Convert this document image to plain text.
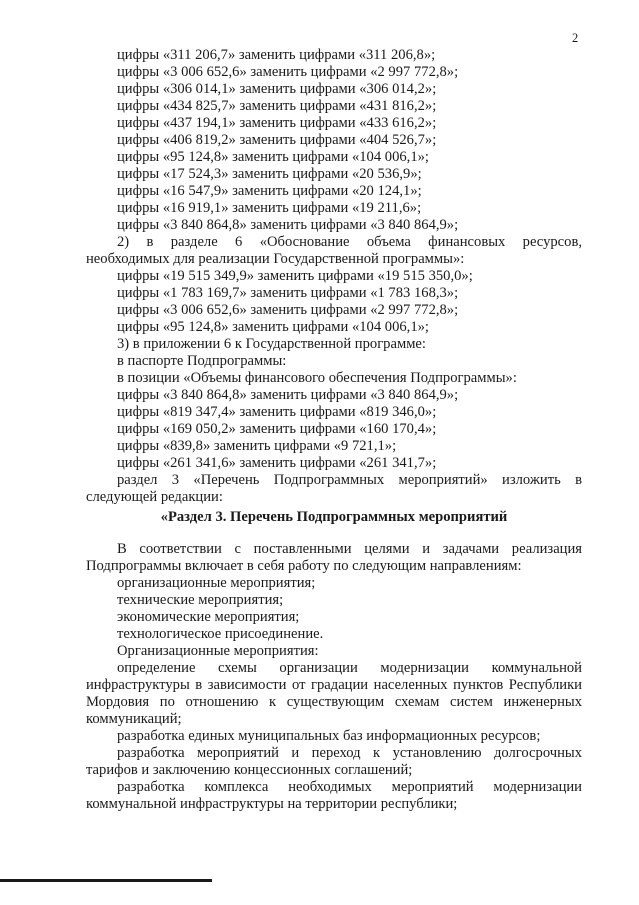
2
цифры «311 206,7» заменить цифрами «311 206,8»;
цифры «3 006 652,6» заменить цифрами «2 997 772,8»;
цифры «306 014,1» заменить цифрами «306 014,2»;
цифры «434 825,7» заменить цифрами «431 816,2»;
цифры «437 194,1» заменить цифрами «433 616,2»;
цифры «406 819,2» заменить цифрами «404 526,7»;
цифры «95 124,8» заменить цифрами «104 006,1»;
цифры «17 524,3» заменить цифрами «20 536,9»;
цифры «16 547,9» заменить цифрами «20 124,1»;
цифры «16 919,1» заменить цифрами «19 211,6»;
цифры «3 840 864,8» заменить цифрами «3 840 864,9»;
2) в разделе 6 «Обоснование объема финансовых ресурсов,
необходимых для реализации Государственной программы»:
цифры «19 515 349,9» заменить цифрами «19 515 350,0»;
цифры «1 783 169,7» заменить цифрами «1 783 168,3»;
цифры «3 006 652,6» заменить цифрами «2 997 772,8»;
цифры «95 124,8» заменить цифрами «104 006,1»;
3) в приложении 6 к Государственной программе:
в паспорте Подпрограммы:
в позиции «Объемы финансового обеспечения Подпрограммы»:
цифры «3 840 864,8» заменить цифрами «3 840 864,9»;
цифры «819 347,4» заменить цифрами «819 346,0»;
цифры «169 050,2» заменить цифрами «160 170,4»;
цифры «839,8» заменить цифрами «9 721,1»;
цифры «261 341,6» заменить цифрами «261 341,7»;
раздел 3 «Перечень Подпрограммных мероприятий» изложить в
следующей редакции:
«Раздел 3. Перечень Подпрограммных мероприятий
В соответствии с поставленными целями и задачами реализация
Подпрограммы включает в себя работу по следующим направлениям:
организационные мероприятия;
технические мероприятия;
экономические мероприятия;
технологическое присоединение.
Организационные мероприятия:
определение схемы организации модернизации коммунальной
инфраструктуры в зависимости от градации населенных пунктов Республики Мордовия по отношению к существующим схемам систем инженерных коммуникаций;
разработка единых муниципальных баз информационных ресурсов;
разработка мероприятий и переход к установлению долгосрочных
тарифов и заключению концессионных соглашений;
разработка комплекса необходимых мероприятий модернизации
коммунальной инфраструктуры на территории республики;
